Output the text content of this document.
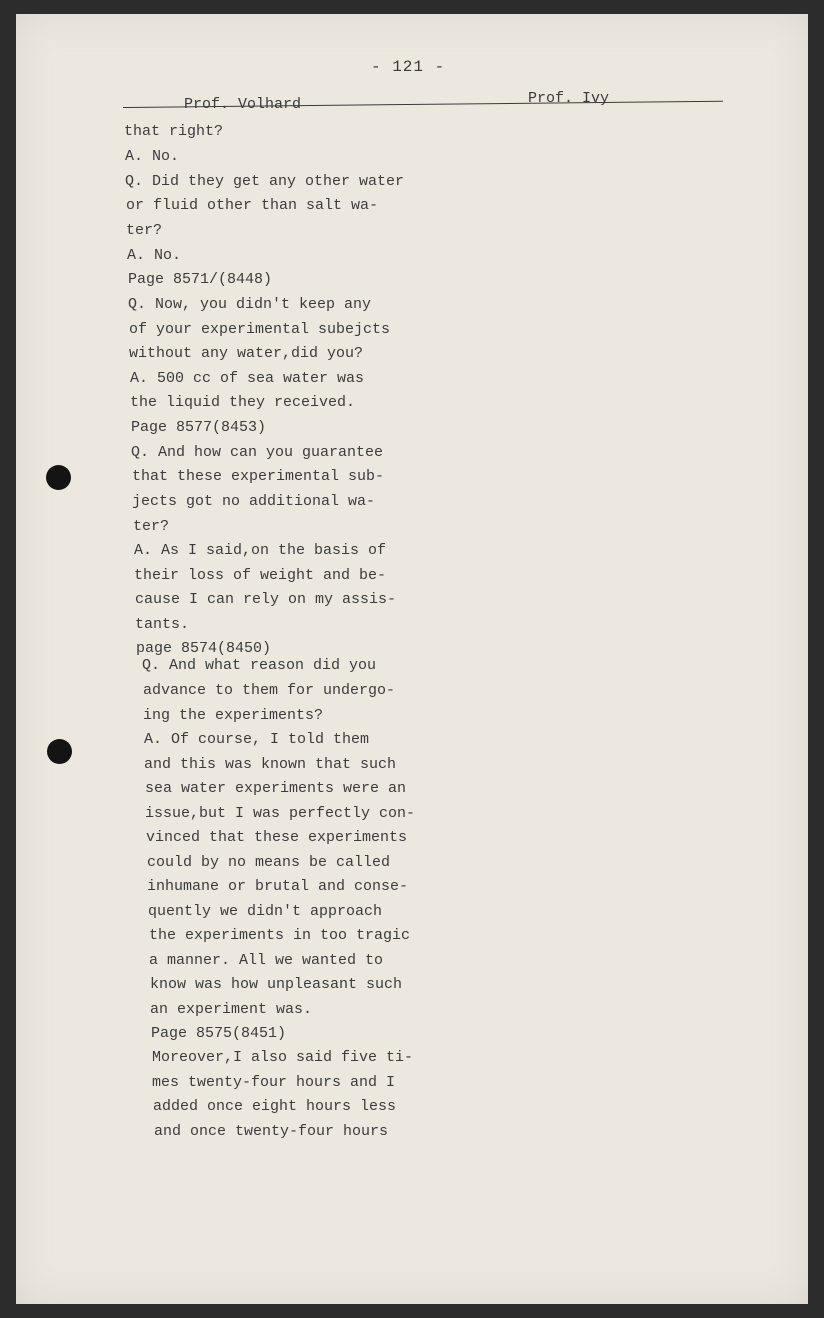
- 121 -
Prof. Volhard	Prof. Ivy
that right?
A. No.
Q. Did they get any other water
or fluid other than salt wa-
ter?
A. No.
Page 8571/(8448)
Q. Now, you didn't keep any
of your experimental subejcts
without any water,did you?
A. 500 cc of sea water was
the liquid they received.
Page 8577(8453)
Q. And how can you guarantee
that these experimental sub-
jects got no additional wa-
ter?
A. As I said,on the basis of
their loss of weight and be-
cause I can rely on my assis-
tants.
page 8574(8450)
Q. And what reason did you
advance to them for undergo-
ing the experiments?
A. Of course, I told them
and this was known that such
sea water experiments were an
issue,but I was perfectly con-
vinced that these experiments
could by no means be called
inhumane or brutal and conse-
quently we didn't approach
the experiments in too tragic
a manner. All we wanted to
know was how unpleasant such
an experiment was.
Page 8575(8451)
Moreover,I also said five ti-
mes twenty-four hours and I
added once eight hours less
and once twenty-four hours
